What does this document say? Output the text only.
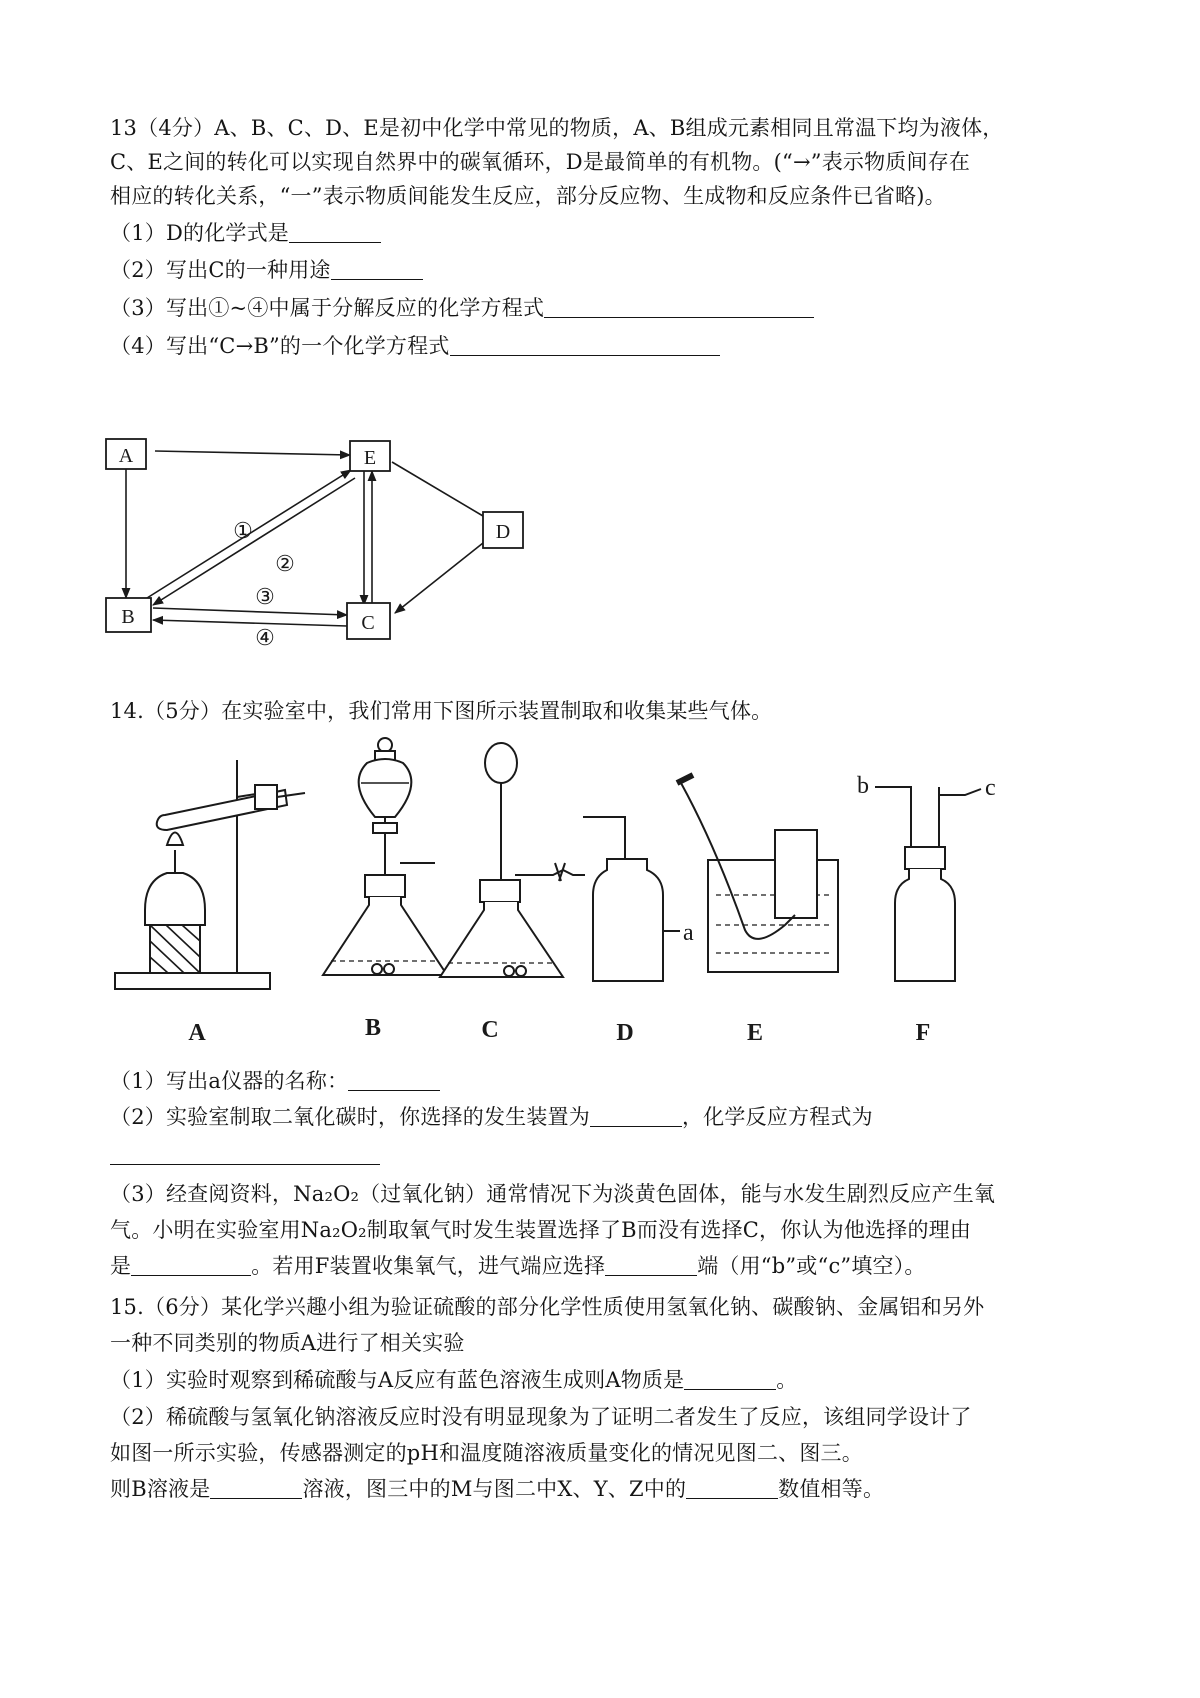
13（4分）A、B、C、D、E是初中化学中常见的物质，A、B组成元素相同且常温下均为液体，
C、E之间的转化可以实现自然界中的碳氧循环，D是最简单的有机物。(“→”表示物质间存在
相应的转化关系，“一”表示物质间能发生反应，部分反应物、生成物和反应条件已省略)。
（1）D的化学式是
（2）写出C的一种用途
（3）写出①~④中属于分解反应的化学方程式
（4）写出“C→B”的一个化学方程式
A	E
D
B	C
①
②
③
④
14.（5分）在实验室中，我们常用下图所示装置制取和收集某些气体。
A	B	C	D	E	F
a
b	c
（1）写出a仪器的名称：
（2）实验室制取二氧化碳时，你选择的发生装置为	，化学反应方程式为
（3）经查阅资料，Na₂O₂（过氧化钠）通常情况下为淡黄色固体，能与水发生剧烈反应产生氧
气。小明在实验室用Na₂O₂制取氧气时发生装置选择了B而没有选择C，你认为他选择的理由
是	。若用F装置收集氧气，进气端应选择	端（用“b”或“c”填空）。
15.（6分）某化学兴趣小组为验证硫酸的部分化学性质使用氢氧化钠、碳酸钠、金属铝和另外
一种不同类别的物质A进行了相关实验
（1）实验时观察到稀硫酸与A反应有蓝色溶液生成则A物质是	。
（2）稀硫酸与氢氧化钠溶液反应时没有明显现象为了证明二者发生了反应，该组同学设计了
如图一所示实验，传感器测定的pH和温度随溶液质量变化的情况见图二、图三。
则B溶液是	溶液，图三中的M与图二中X、Y、Z中的	数值相等。
